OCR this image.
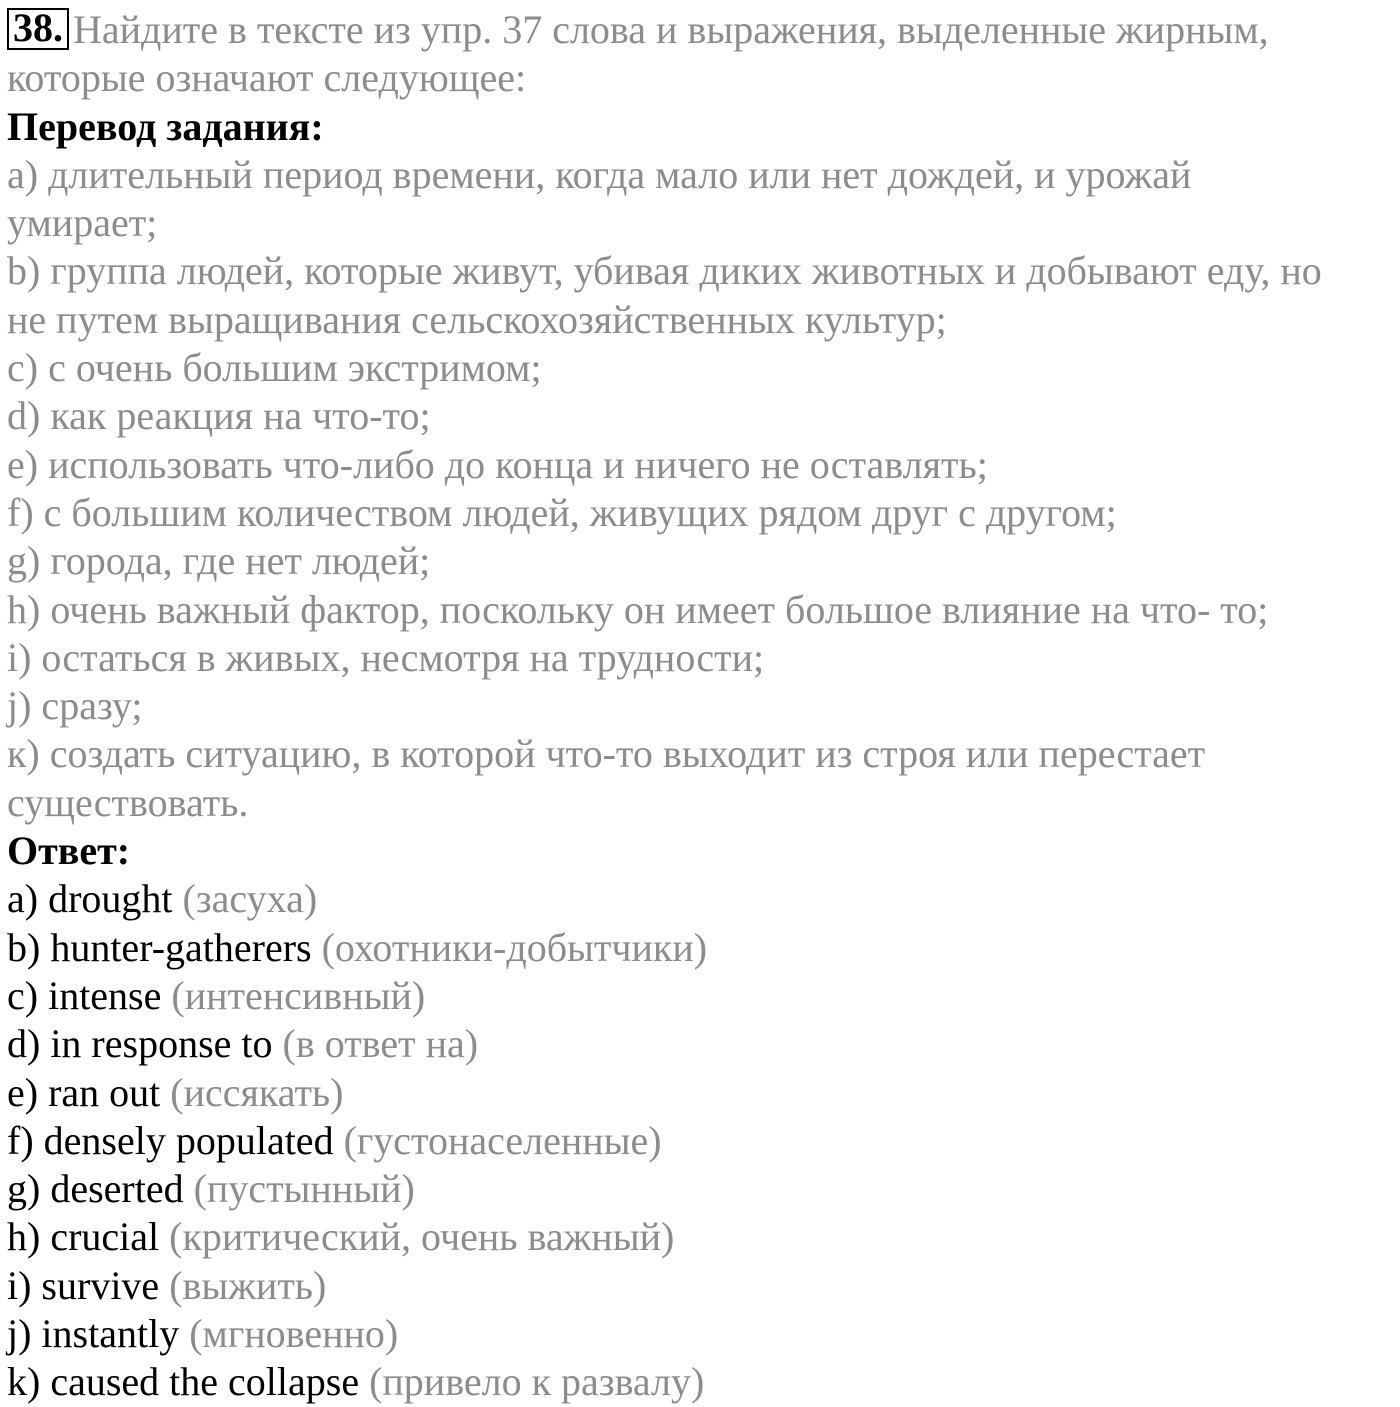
38. Найдите в тексте из упр. 37 слова и выражения, выделенные жирным,
которые означают следующее:
Перевод задания:
а) длительный период времени, когда мало или нет дождей, и урожай
умирает;
b) группа людей, которые живут, убивая диких животных и добывают еду, но
не путем выращивания сельскохозяйственных культур;
с) с очень большим экстримом;
d) как реакция на что-то;
е) использовать что-либо до конца и ничего не оставлять;
f) с большим количеством людей, живущих рядом друг с другом;
g) города, где нет людей;
h) очень важный фактор, поскольку он имеет большое влияние на что- то;
i) остаться в живых, несмотря на трудности;
j) сразу;
к) создать ситуацию, в которой что-то выходит из строя или перестает
существовать.
Ответ:
a) drought (засуха)
b) hunter-gatherers (охотники-добытчики)
c) intense (интенсивный)
d) in response to (в ответ на)
e) ran out (иссякать)
f) densely populated (густонаселенные)
g) deserted (пустынный)
h) crucial (критический, очень важный)
i) survive (выжить)
j) instantly (мгновенно)
k) caused the collapse (привело к развалу)
